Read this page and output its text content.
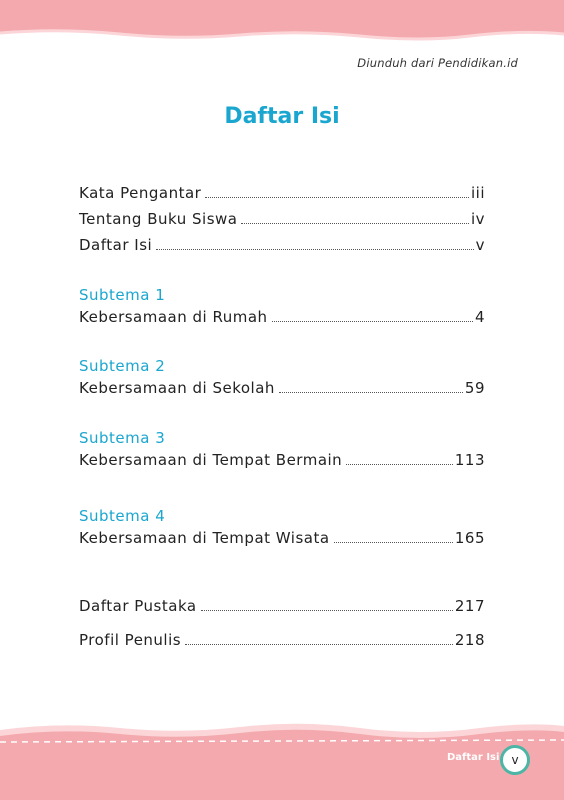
Diunduh dari Pendidikan.id
Daftar Isi
Kata Pengantar	iii
Tentang Buku Siswa	iv
Daftar Isi	v
Subtema 1
Kebersamaan di Rumah	4
Subtema 2
Kebersamaan di Sekolah	59
Subtema 3
Kebersamaan di Tempat Bermain	113
Subtema 4
Kebersamaan di Tempat Wisata	165
Daftar Pustaka	217
Profil Penulis	218
Daftar Isi v
